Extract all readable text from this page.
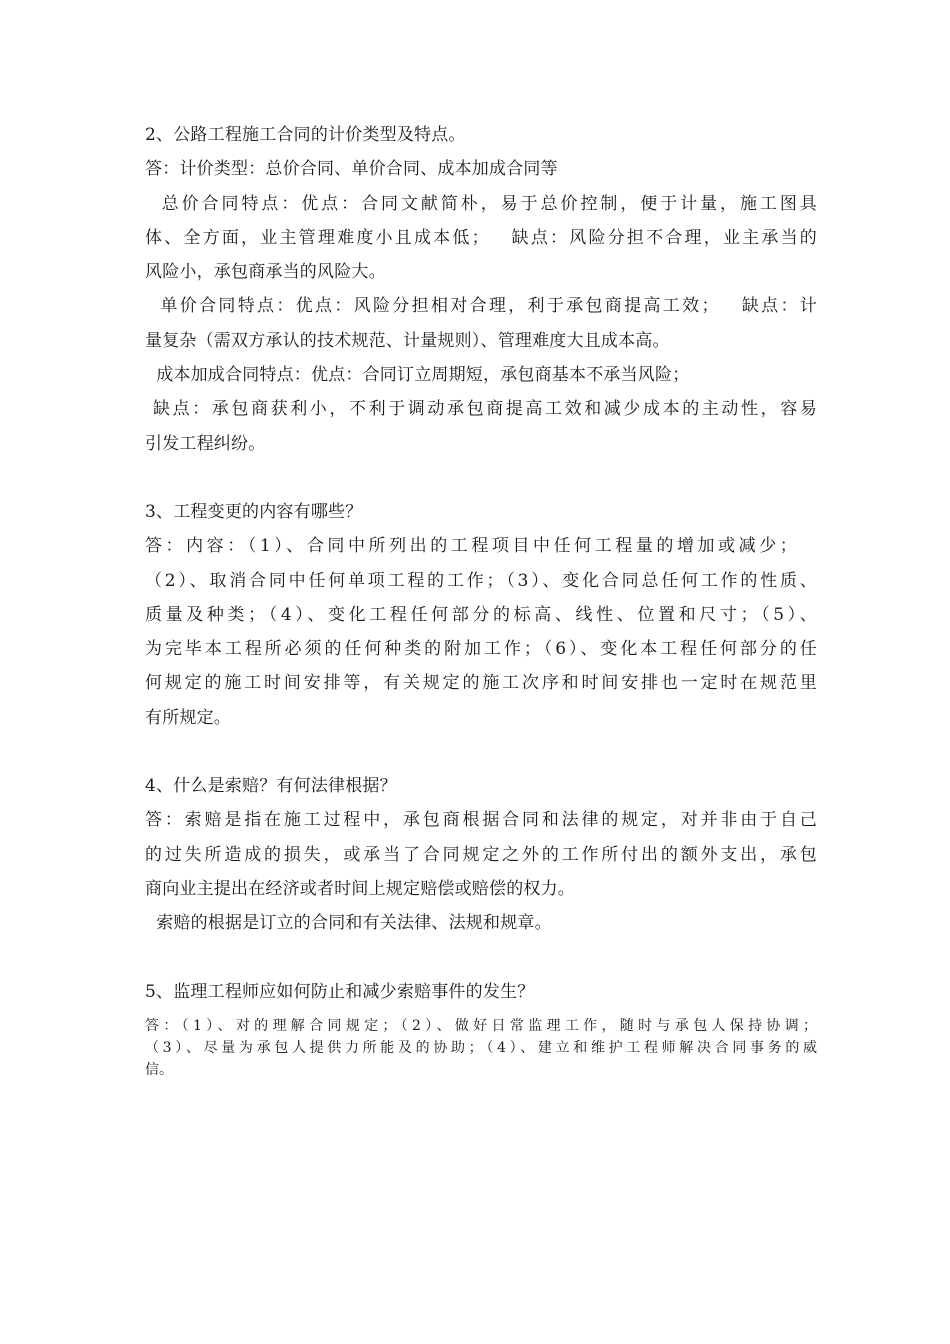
2、公路工程施工合同的计价类型及特点。
答：计价类型：总价合同、单价合同、成本加成合同等
总价合同特点：优点：合同文献简朴，易于总价控制，便于计量，施工图具
体、全方面，业主管理难度小且成本低；   缺点：风险分担不合理，业主承当的
风险小，承包商承当的风险大。
单价合同特点：优点：风险分担相对合理，利于承包商提高工效；   缺点：计
量复杂（需双方承认的技术规范、计量规则）、管理难度大且成本高。
成本加成合同特点：优点：合同订立周期短，承包商基本不承当风险；
缺点：承包商获利小，不利于调动承包商提高工效和减少成本的主动性，容易
引发工程纠纷。
3、工程变更的内容有哪些？
答：内容：（1）、合同中所列出的工程项目中任何工程量的增加或减少；
（2）、取消合同中任何单项工程的工作；（3）、变化合同总任何工作的性质、
质量及种类；（4）、变化工程任何部分的标高、线性、位置和尺寸；（5）、
为完毕本工程所必须的任何种类的附加工作；（6）、变化本工程任何部分的任
何规定的施工时间安排等，有关规定的施工次序和时间安排也一定时在规范里
有所规定。
4、什么是索赔？有何法律根据？
答：索赔是指在施工过程中，承包商根据合同和法律的规定，对并非由于自己
的过失所造成的损失，或承当了合同规定之外的工作所付出的额外支出，承包
商向业主提出在经济或者时间上规定赔偿或赔偿的权力。
索赔的根据是订立的合同和有关法律、法规和规章。
5、监理工程师应如何防止和减少索赔事件的发生？
答：（1）、对的理解合同规定；（2）、做好日常监理工作，随时与承包人保持协调；
（3）、尽量为承包人提供力所能及的协助；（4）、建立和维护工程师解决合同事务的威
信。
